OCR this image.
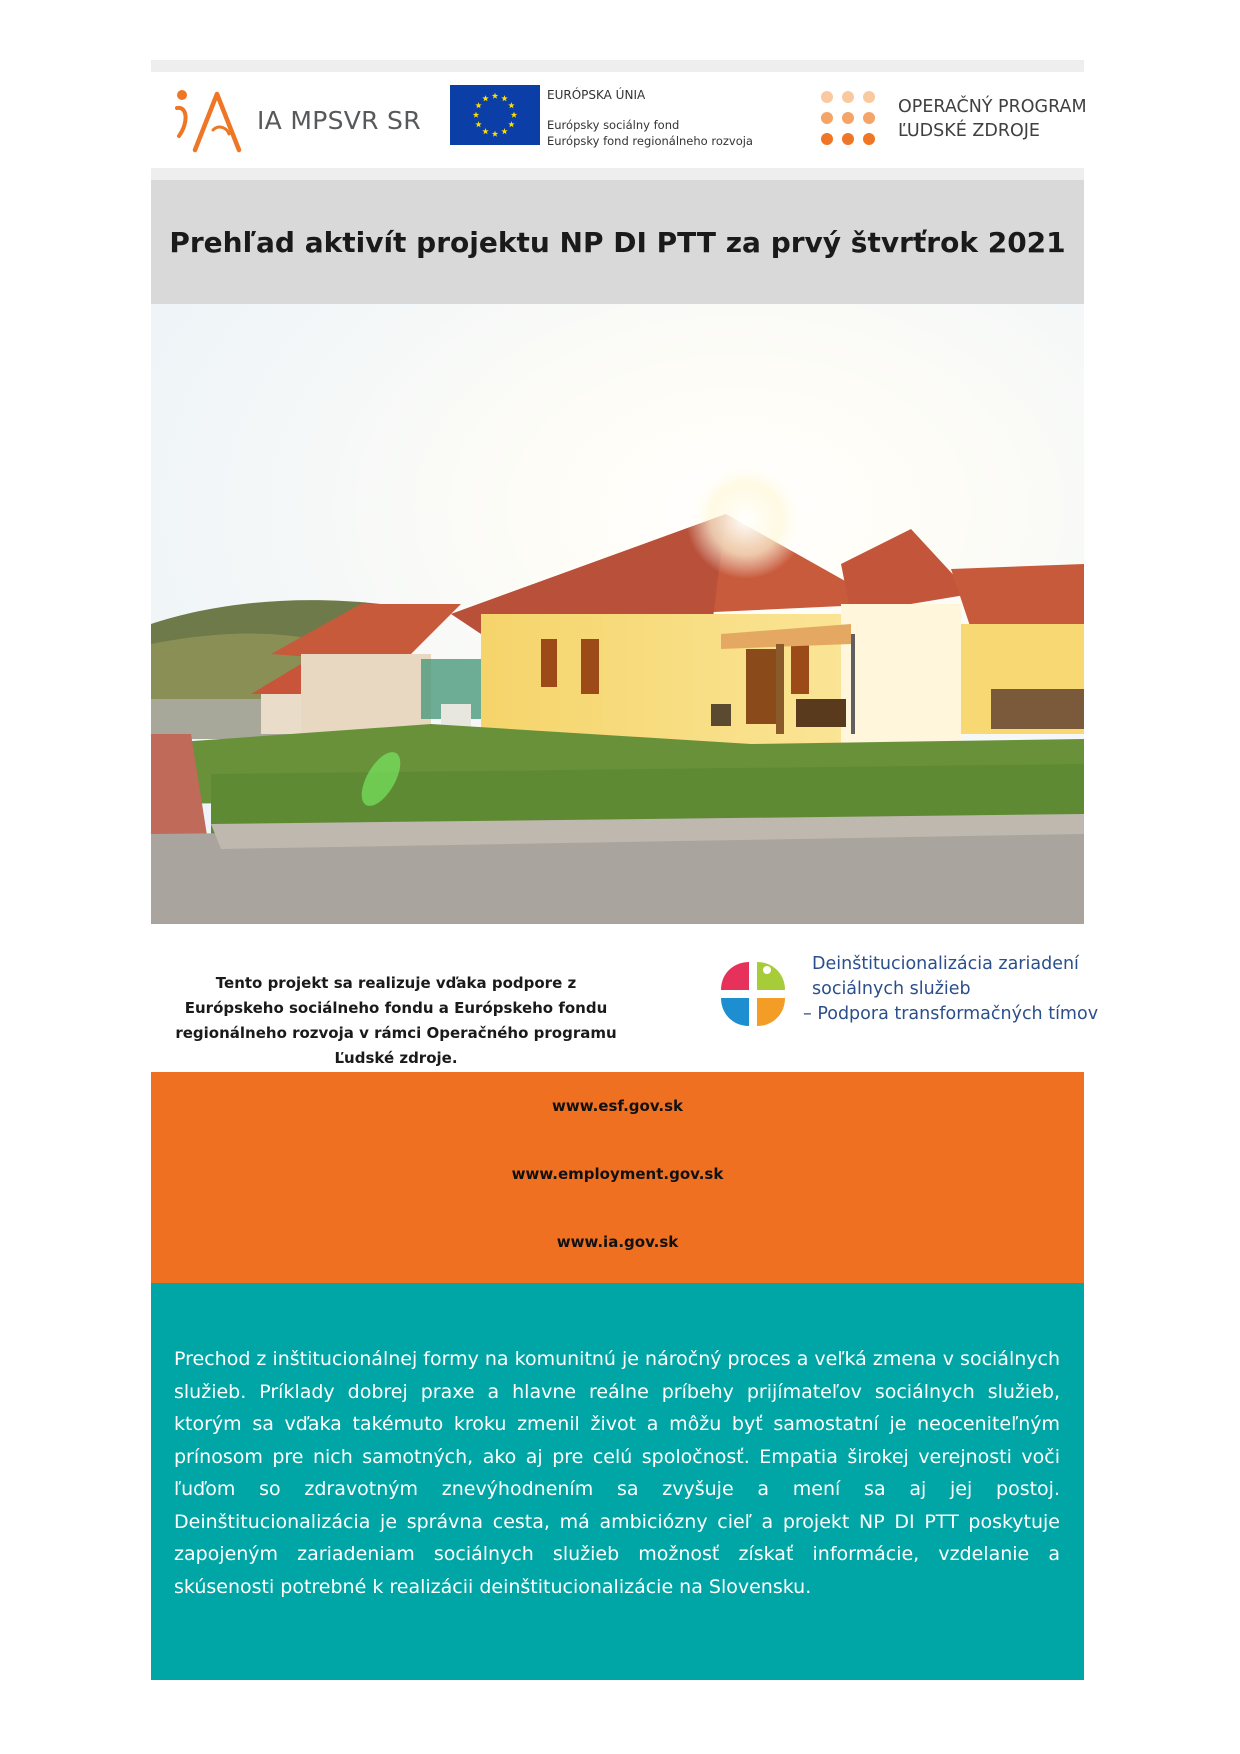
IA MPSVR SR
EURÓPSKA ÚNIA
Európsky sociálny fond
Európsky fond regionálneho rozvoja
OPERAČNÝ PROGRAM
ĽUDSKÉ ZDROJE
Prehľad aktivít projektu NP DI PTT za prvý štvrťrok 2021

Tento projekt sa realizuje vďaka podpore z Európskeho sociálneho fondu a Európskeho fondu regionálneho rozvoja v rámci Operačného programu Ľudské zdroje.

Deinštitucionalizácia zariadení
sociálnych služieb
– Podpora transformačných tímov
www.esf.gov.sk
www.employment.gov.sk
www.ia.gov.sk

Prechod z inštitucionálnej formy na komunitnú je náročný proces a veľká zmena v sociálnych služieb. Príklady dobrej praxe a hlavne reálne príbehy prijímateľov sociálnych služieb, ktorým sa vďaka takémuto kroku zmenil život a môžu byť samostatní je neoceniteľným prínosom pre nich samotných, ako aj pre celú spoločnosť. Empatia širokej verejnosti voči ľuďom so zdravotným znevýhodnením sa zvyšuje a mení sa aj jej postoj. Deinštitucionalizácia je správna cesta, má ambiciózny cieľ a projekt NP DI PTT poskytuje zapojeným zariadeniam sociálnych služieb možnosť získať informácie, vzdelanie a skúsenosti potrebné k realizácii deinštitucionalizácie na Slovensku.
